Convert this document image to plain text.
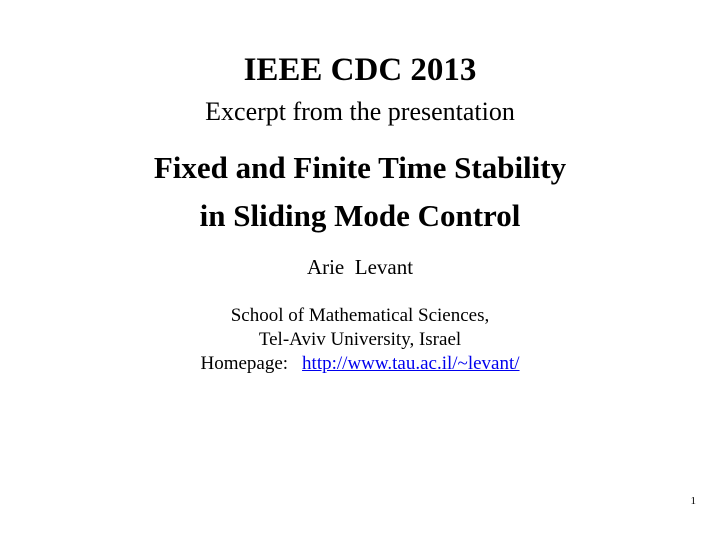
IEEE CDC 2013
Excerpt from the presentation
Fixed and Finite Time Stability
in Sliding Mode Control
Arie  Levant
School of Mathematical Sciences,
Tel-Aviv University, Israel
Homepage: http://www.tau.ac.il/~levant/
1
